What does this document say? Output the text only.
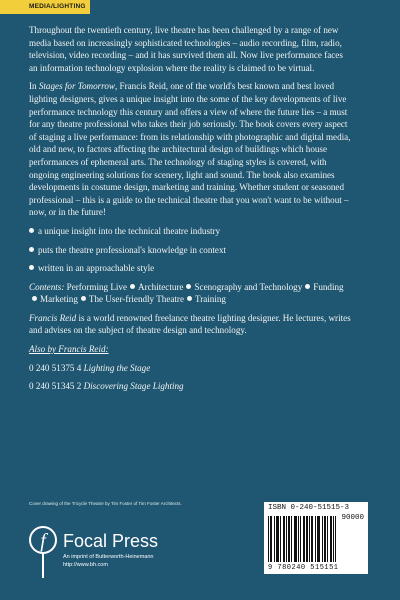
MEDIA/LIGHTING

Throughout the twentieth century, live theatre has been challenged by a range of new media based on increasingly sophisticated technologies – audio recording, film, radio, television, video recording – and it has survived them all. Now live performance faces an information technology explosion where the reality is claimed to be virtual.

In Stages for Tomorrow, Francis Reid, one of the world's best known and best loved lighting designers, gives a unique insight into the some of the key developments of live performance technology this century and offers a view of where the future lies – a must for any theatre professional who takes their job seriously. The book covers every aspect of staging a live performance: from its relationship with photographic and digital media, old and new, to factors affecting the architectural design of buildings which house performances of ephemeral arts. The technology of staging styles is covered, with ongoing engineering solutions for scenery, light and sound. The book also examines developments in costume design, marketing and training. Whether student or seasoned professional – this is a guide to the technical theatre that you won't want to be without – now, or in the future!

a unique insight into the technical theatre industry
puts the theatre professional's knowledge in context
written in an approachable style

Contents: Performing Live Architecture Scenography and Technology FundingMarketing The User-friendly Theatre Training

Francis Reid is a world renowned freelance theatre lighting designer. He lectures, writes and advises on the subject of theatre design and technology.

Also by Francis Reid:

0 240 51375 4 Lighting the Stage

0 240 51345 2 Discovering Stage Lighting

Cover drawing of the Tricycle Theatre by Tim Foster of Tim Foster Architects.
f Focal Press
An imprint of Butterworth-Heinemann
http://www.bh.com
ISBN 0-240-51515-3
90000
9 780240 515151
